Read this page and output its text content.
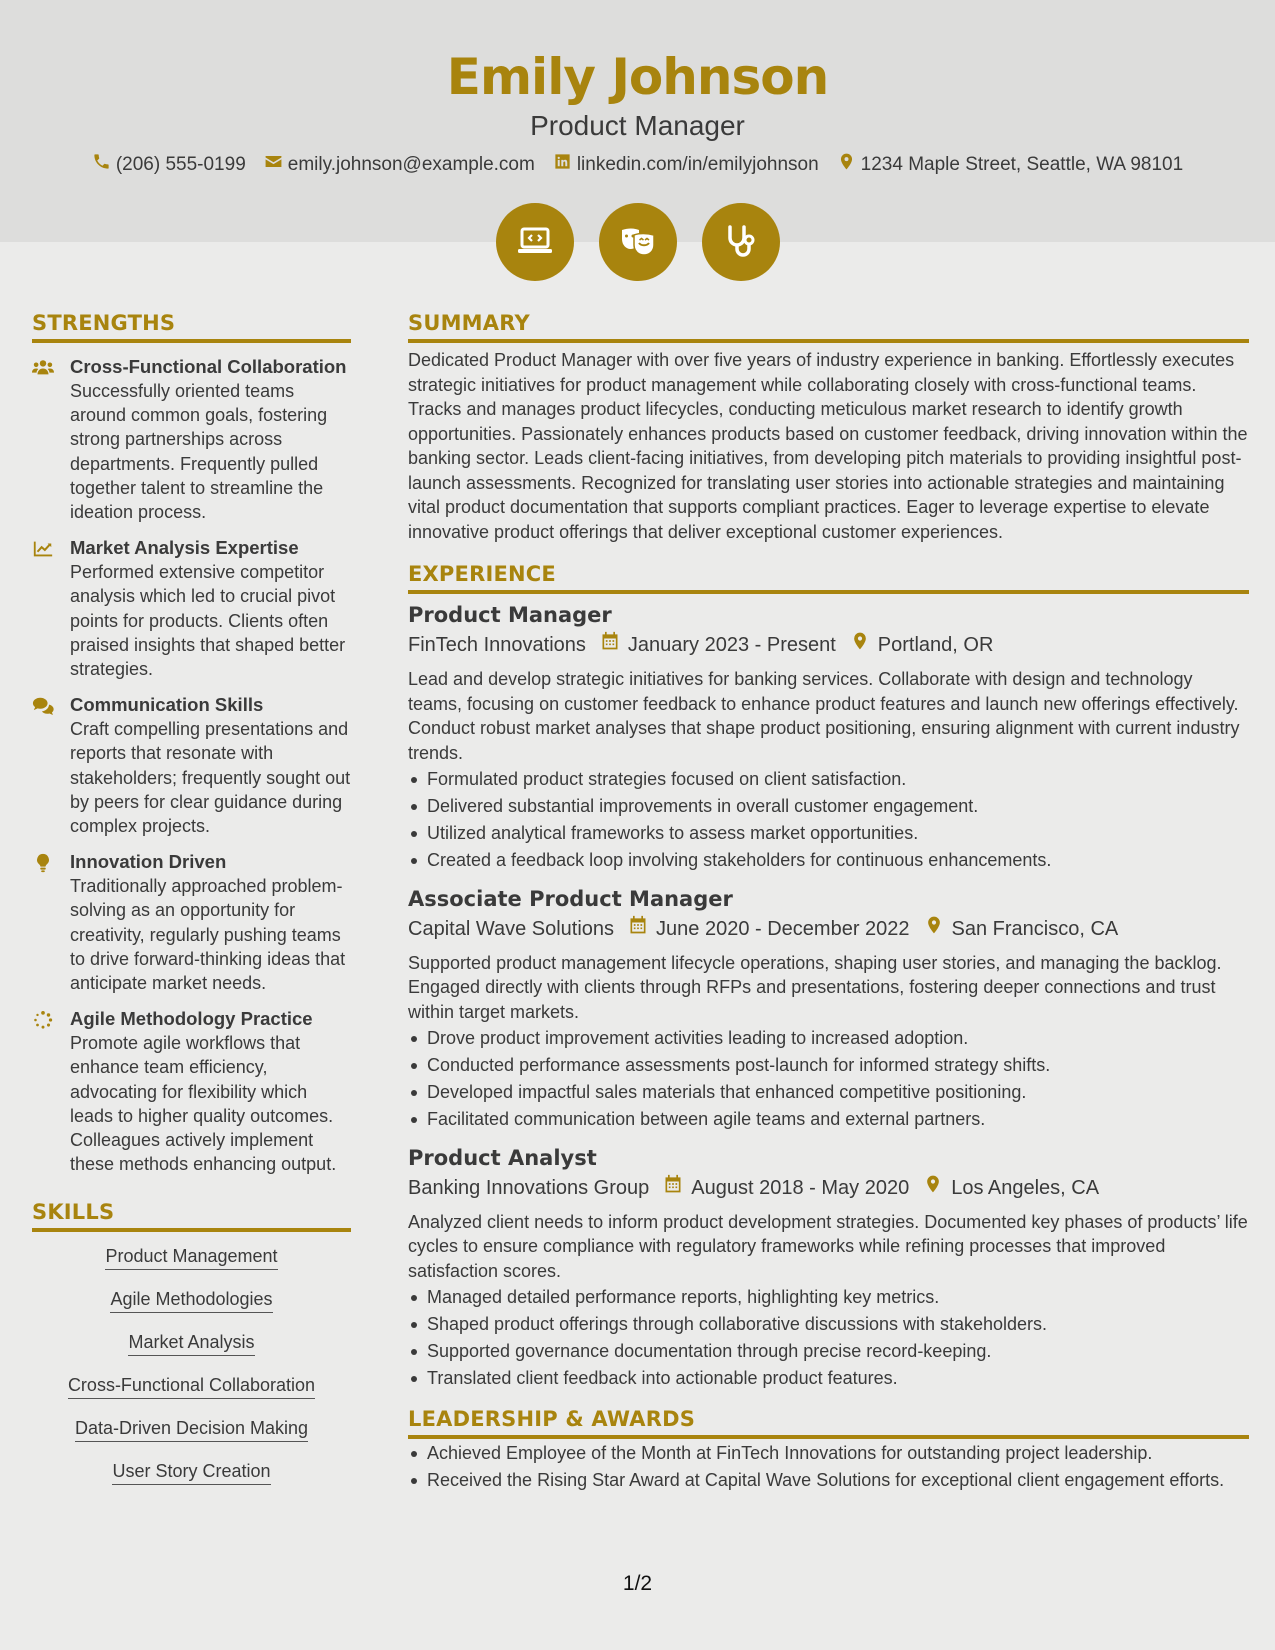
Emily Johnson
Product Manager
(206) 555-0199 emily.johnson@example.com linkedin.com/in/emilyjohnson 1234 Maple Street, Seattle, WA 98101
STRENGTHS
Cross-Functional Collaboration
Successfully oriented teams around common goals, fostering strong partnerships across departments. Frequently pulled together talent to streamline the ideation process.
Market Analysis Expertise
Performed extensive competitor analysis which led to crucial pivot points for products. Clients often praised insights that shaped better strategies.
Communication Skills
Craft compelling presentations and reports that resonate with stakeholders; frequently sought out by peers for clear guidance during complex projects.
Innovation Driven
Traditionally approached problem-solving as an opportunity for creativity, regularly pushing teams to drive forward-thinking ideas that anticipate market needs.
Agile Methodology Practice
Promote agile workflows that enhance team efficiency, advocating for flexibility which leads to higher quality outcomes. Colleagues actively implement these methods enhancing output.
SKILLS
Product Management
Agile Methodologies
Market Analysis
Cross-Functional Collaboration
Data-Driven Decision Making
User Story Creation
SUMMARY
Dedicated Product Manager with over five years of industry experience in banking. Effortlessly executes strategic initiatives for product management while collaborating closely with cross-functional teams. Tracks and manages product lifecycles, conducting meticulous market research to identify growth opportunities. Passionately enhances products based on customer feedback, driving innovation within the banking sector. Leads client-facing initiatives, from developing pitch materials to providing insightful post-launch assessments. Recognized for translating user stories into actionable strategies and maintaining vital product documentation that supports compliant practices. Eager to leverage expertise to elevate innovative product offerings that deliver exceptional customer experiences.
EXPERIENCE
Product Manager
FinTech Innovations January 2023 - Present Portland, OR
Lead and develop strategic initiatives for banking services. Collaborate with design and technology teams, focusing on customer feedback to enhance product features and launch new offerings effectively. Conduct robust market analyses that shape product positioning, ensuring alignment with current industry trends.
Formulated product strategies focused on client satisfaction.
Delivered substantial improvements in overall customer engagement.
Utilized analytical frameworks to assess market opportunities.
Created a feedback loop involving stakeholders for continuous enhancements.
Associate Product Manager
Capital Wave Solutions June 2020 - December 2022 San Francisco, CA
Supported product management lifecycle operations, shaping user stories, and managing the backlog. Engaged directly with clients through RFPs and presentations, fostering deeper connections and trust within target markets.
Drove product improvement activities leading to increased adoption.
Conducted performance assessments post-launch for informed strategy shifts.
Developed impactful sales materials that enhanced competitive positioning.
Facilitated communication between agile teams and external partners.
Product Analyst
Banking Innovations Group August 2018 - May 2020 Los Angeles, CA
Analyzed client needs to inform product development strategies. Documented key phases of products’ life cycles to ensure compliance with regulatory frameworks while refining processes that improved satisfaction scores.
Managed detailed performance reports, highlighting key metrics.
Shaped product offerings through collaborative discussions with stakeholders.
Supported governance documentation through precise record-keeping.
Translated client feedback into actionable product features.
LEADERSHIP & AWARDS
Achieved Employee of the Month at FinTech Innovations for outstanding project leadership.
Received the Rising Star Award at Capital Wave Solutions for exceptional client engagement efforts.
1/2
